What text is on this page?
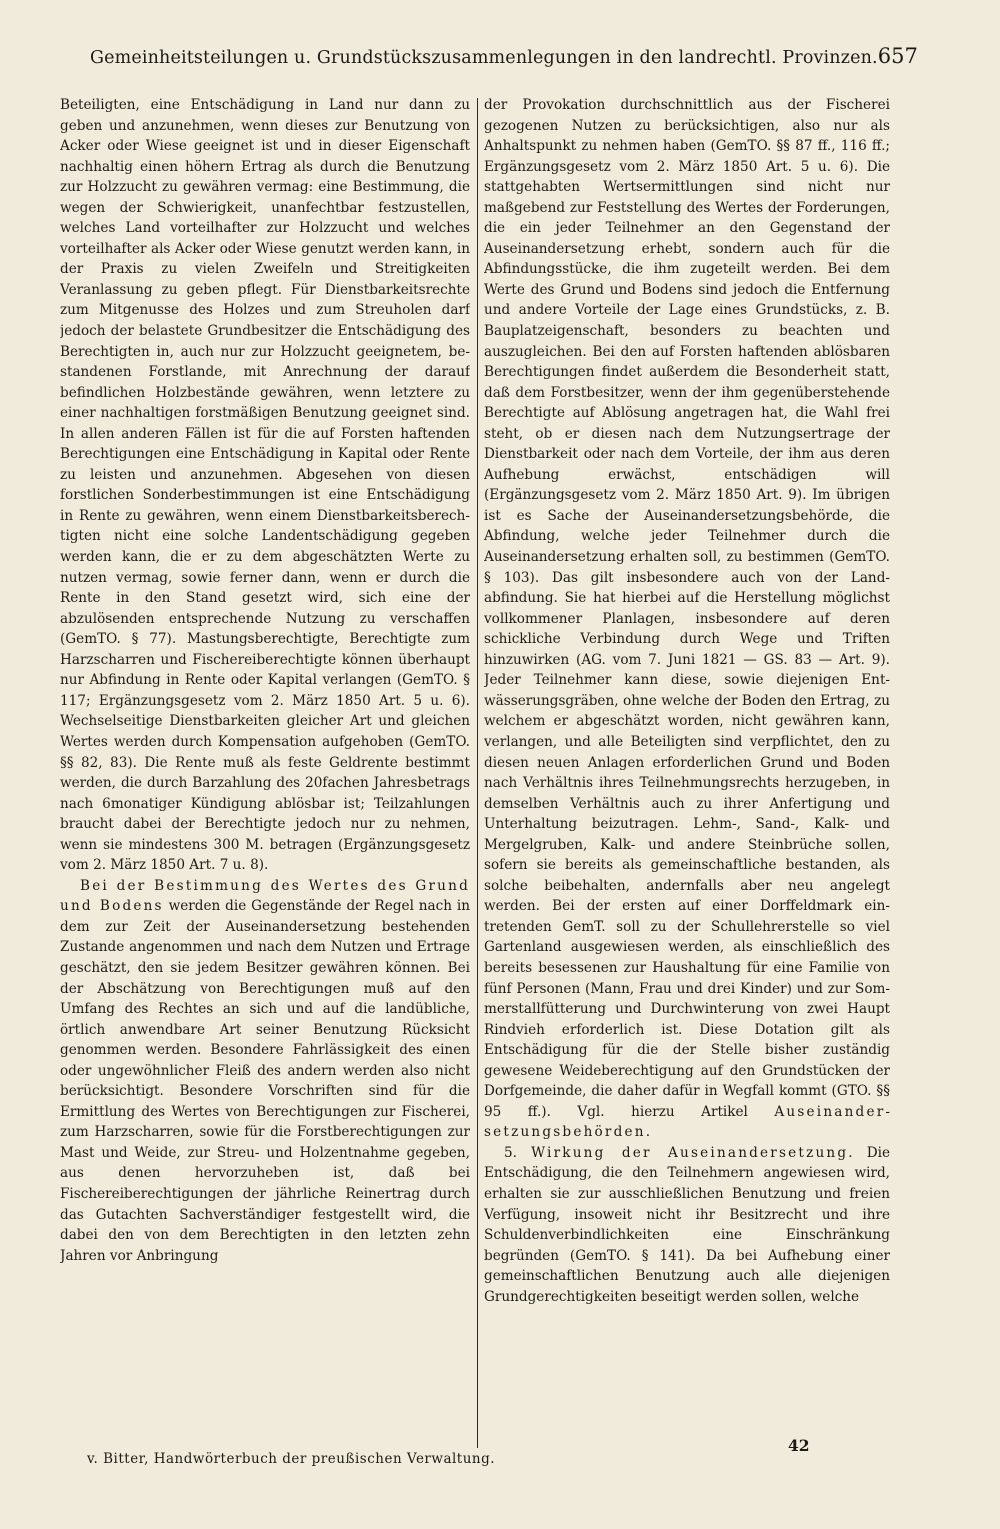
Gemeinheitsteilungen u. Grundstückszusammenlegungen in den landrechtl. Provinzen. 657

Beteiligten, eine Entschädigung in Land nur dann zu geben und anzunehmen, wenn dieses zur Benutzung von Acker oder Wiese geeignet ist und in dieser Eigenschaft nachhaltig einen höhern Ertrag als durch die Benutzung zur Holzzucht zu gewähren vermag: eine Bestimmung, die wegen der Schwierigkeit, unanfechtbar festzustellen, welches Land vorteilhafter zur Holzzucht und welches vorteilhafter als Acker oder Wiese genutzt werden kann, in der Praxis zu vielen Zweifeln und Streitigkeiten Veranlassung zu geben pflegt. Für Dienstbarkeitsrechte zum Mitgenusse des Holzes und zum Streuholen darf jedoch der belastete Grundbesitzer die Entschädigung des Berechtigten in, auch nur zur Holzzucht geeignetem, bestandenen Forstlande, mit Anrechnung der darauf befindlichen Holzbestände gewähren, wenn letztere zu einer nachhaltigen forstmäßigen Benutzung geeignet sind. In allen anderen Fällen ist für die auf Forsten haftenden Berechtigungen eine Entschädigung in Kapital oder Rente zu leisten und anzunehmen. Abgesehen von diesen forstlichen Sonderbestimmungen ist eine Entschädigung in Rente zu gewähren, wenn einem Dienstbarkeitsberechtigten nicht eine solche Landentschädigung gegeben werden kann, die er zu dem abgeschätzten Werte zu nutzen vermag, sowie ferner dann, wenn er durch die Rente in den Stand gesetzt wird, sich eine der abzulösenden entsprechende Nutzung zu verschaffen (GemTO. § 77). Mastungsberechtigte, Berechtigte zum Harzscharren und Fischereiberechtigte können überhaupt nur Abfindung in Rente oder Kapital verlangen (GemTO. § 117; Ergänzungsgesetz vom 2. März 1850 Art. 5 u. 6). Wechselseitige Dienstbarkeiten gleicher Art und gleichen Wertes werden durch Kompensation aufgehoben (GemTO. §§ 82, 83). Die Rente muß als feste Geldrente bestimmt werden, die durch Barzahlung des 20fachen Jahresbetrags nach 6monatiger Kündigung ablösbar ist; Teilzahlungen braucht dabei der Berechtigte jedoch nur zu nehmen, wenn sie mindestens 300 M. betragen (Ergänzungsgesetz vom 2. März 1850 Art. 7 u. 8).

Bei der Bestimmung des Wertes des Grund und Bodens werden die Gegenstände der Regel nach in dem zur Zeit der Auseinandersetzung bestehenden Zustande angenommen und nach dem Nutzen und Ertrage geschätzt, den sie jedem Besitzer gewähren können. Bei der Abschätzung von Berechtigungen muß auf den Umfang des Rechtes an sich und auf die landübliche, örtlich anwendbare Art seiner Benutzung Rücksicht genommen werden. Besondere Fahrlässigkeit des einen oder ungewöhnlicher Fleiß des andern werden also nicht berücksichtigt. Besondere Vorschriften sind für die Ermittlung des Wertes von Berechtigungen zur Fischerei, zum Harzscharren, sowie für die Forstberechtigungen zur Mast und Weide, zur Streu- und Holzentnahme gegeben, aus denen hervorzuheben ist, daß bei Fischereiberechtigungen der jährliche Reinertrag durch das Gutachten Sachverständiger festgestellt wird, die dabei den von dem Berechtigten in den letzten zehn Jahren vor Anbringung

der Provokation durchschnittlich aus der Fischerei gezogenen Nutzen zu berücksichtigen, also nur als Anhaltspunkt zu nehmen haben (GemTO. §§ 87 ff., 116 ff.; Ergänzungsgesetz vom 2. März 1850 Art. 5 u. 6). Die stattgehabten Wertsermittlungen sind nicht nur maßgebend zur Feststellung des Wertes der Forderungen, die ein jeder Teilnehmer an den Gegenstand der Auseinandersetzung erhebt, sondern auch für die Abfindungsstücke, die ihm zugeteilt werden. Bei dem Werte des Grund und Bodens sind jedoch die Entfernung und andere Vorteile der Lage eines Grundstücks, z. B. Bauplatzeigenschaft, besonders zu beachten und auszugleichen. Bei den auf Forsten haftenden ablösbaren Berechtigungen findet außerdem die Besonderheit statt, daß dem Forstbesitzer, wenn der ihm gegenüberstehende Berechtigte auf Ablösung angetragen hat, die Wahl frei steht, ob er diesen nach dem Nutzungsertrage der Dienstbarkeit oder nach dem Vorteile, der ihm aus deren Aufhebung erwächst, entschädigen will (Ergänzungsgesetz vom 2. März 1850 Art. 9). Im übrigen ist es Sache der Auseinandersetzungsbehörde, die Abfindung, welche jeder Teilnehmer durch die Auseinandersetzung erhalten soll, zu bestimmen (GemTO. § 103). Das gilt insbesondere auch von der Landabfindung. Sie hat hierbei auf die Herstellung möglichst vollkommener Planlagen, insbesondere auf deren schickliche Verbindung durch Wege und Triften hinzuwirken (AG. vom 7. Juni 1821 — GS. 83 — Art. 9). Jeder Teilnehmer kann diese, sowie diejenigen Entwässerungsgräben, ohne welche der Boden den Ertrag, zu welchem er abgeschätzt worden, nicht gewähren kann, verlangen, und alle Beteiligten sind verpflichtet, den zu diesen neuen Anlagen erforderlichen Grund und Boden nach Verhältnis ihres Teilnehmungsrechts herzugeben, in demselben Verhältnis auch zu ihrer Anfertigung und Unterhaltung beizutragen. Lehm-, Sand-, Kalk- und Mergelgruben, Kalk- und andere Steinbrüche sollen, sofern sie bereits als gemeinschaftliche bestanden, als solche beibehalten, andernfalls aber neu angelegt werden. Bei der ersten auf einer Dorffeldmark eintretenden GemT. soll zu der Schullehrerstelle so viel Gartenland ausgewiesen werden, als einschließlich des bereits besessenen zur Haushaltung für eine Familie von fünf Personen (Mann, Frau und drei Kinder) und zur Sommerstallfütterung und Durchwinterung von zwei Haupt Rindvieh erforderlich ist. Diese Dotation gilt als Entschädigung für die der Stelle bisher zuständig gewesene Weideberechtigung auf den Grundstücken der Dorfgemeinde, die daher dafür in Wegfall kommt (GTO. §§ 95 ff.). Vgl. hierzu Artikel Auseinandersetzungsbehörden.

5. Wirkung der Auseinandersetzung. Die Entschädigung, die den Teilnehmern angewiesen wird, erhalten sie zur ausschließlichen Benutzung und freien Verfügung, insoweit nicht ihr Besitzrecht und ihre Schuldenverbindlichkeiten eine Einschränkung begründen (GemTO. § 141). Da bei Aufhebung einer gemeinschaftlichen Benutzung auch alle diejenigen Grundgerechtigkeiten beseitigt werden sollen, welche

v. Bitter, Handwörterbuch der preußischen Verwaltung.
42
